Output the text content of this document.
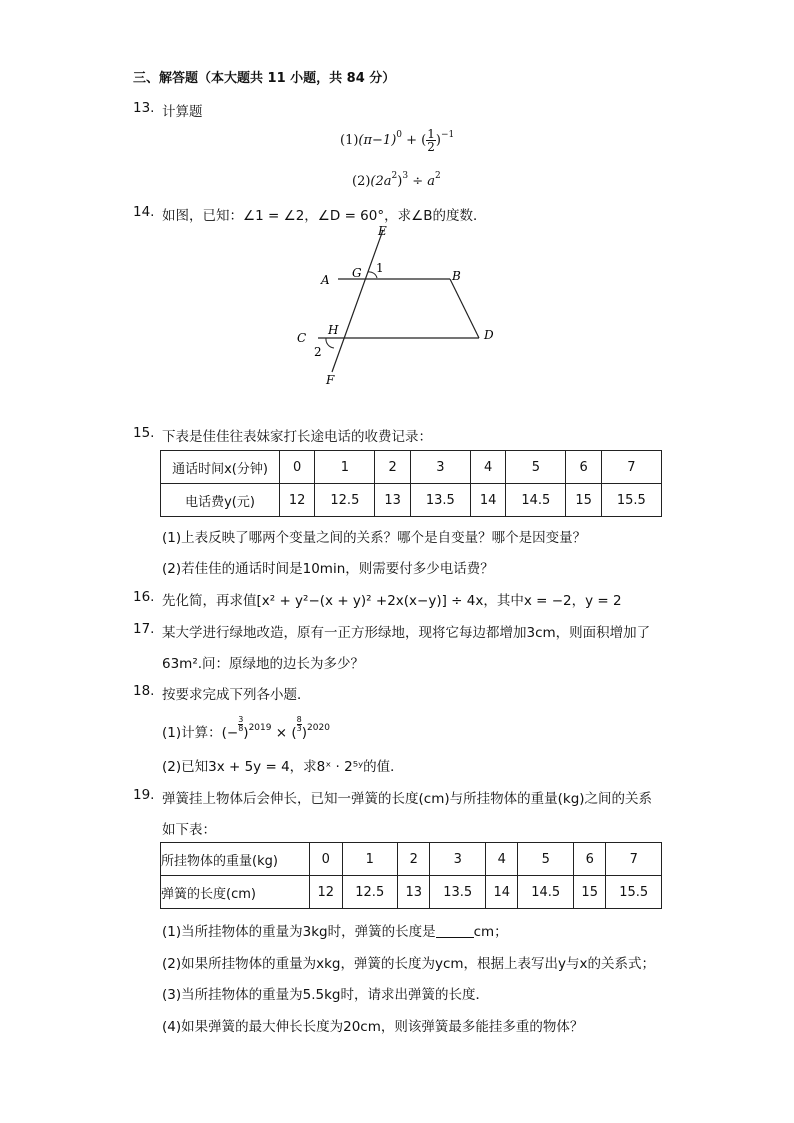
三、解答题（本大题共 11 小题，共 84 分）
13. 计算题
$(1)(\pi-1)^0$ + ( $\frac{1}{2} )^{-1}$
$(2)(2a^2)^3 \div a^2$
14. 如图，已知：∠1 = ∠2，∠D = 60°，求∠B的度数．
E
G 1
A	B
C
H	D
2
F
15. 下表是佳佳往表妹家打长途电话的收费记录：
通话时间x(分钟)	0	1	2	3	4	5	6	7
电话费y(元)	12	12.5	13	13.5	14	14.5	15	15.5
(1)上表反映了哪两个变量之间的关系？哪个是自变量？哪个是因变量？
(2)若佳佳的通话时间是10min，则需要付多少电话费？
16. 先化简，再求值[x² + y²−(x + y)² +2x(x−y)] ÷ 4x，其中x = −2，y = 2
17. 某大学进行绿地改造，原有一正方形绿地，现将它每边都增加3cm，则面积增加了
63m².问：原绿地的边长为多少？
18. 按要求完成下列各小题．
(1)计算：(− $\frac{3}{8} )^{2019}$ × ( $\frac{8}{3} )^{2020}$
(2)已知3x + 5y = 4，求8ˣ · 2⁵ʸ的值．
19. 弹簧挂上物体后会伸长，已知一弹簧的长度(cm)与所挂物体的重量(kg)之间的关系
如下表：
所挂物体的重量(kg)	0	1	2	3	4	5	6	7
弹簧的长度(cm)	12	12.5	13	13.5	14	14.5	15	15.5
(1)当所挂物体的重量为3kg时，弹簧的长度是	cm；
(2)如果所挂物体的重量为xkg，弹簧的长度为ycm，根据上表写出y与x的关系式；
(3)当所挂物体的重量为5.5kg时，请求出弹簧的长度．
(4)如果弹簧的最大伸长长度为20cm，则该弹簧最多能挂多重的物体？
